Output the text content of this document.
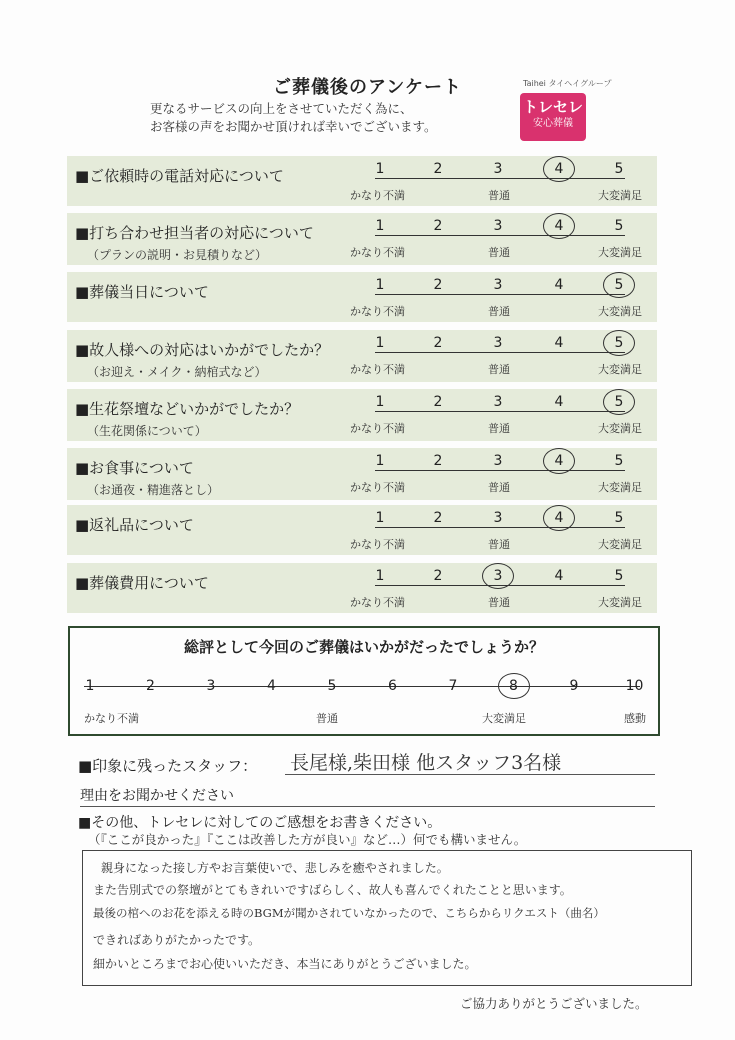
ご葬儀後のアンケート
更なるサービスの向上をさせていただく為に、
お客様の声をお聞かせ頂ければ幸いでございます。
Taihei タイヘイグループ
トレセレ
安心葬儀
■ご依頼時の電話対応について	1	2	3	4	5
かなり不満	普通	大変満足
■打ち合わせ担当者の対応について
（プランの説明・お見積りなど）
1	2	3	4	5
かなり不満	普通	大変満足
■葬儀当日について	1	2	3	4	5
かなり不満	普通	大変満足
■故人様への対応はいかがでしたか？
（お迎え・メイク・納棺式など）
1	2	3	4	5
かなり不満	普通	大変満足
■生花祭壇などいかがでしたか？
（生花関係について）
1	2	3	4	5
かなり不満	普通	大変満足
■お食事について
（お通夜・精進落とし）
1	2	3	4	5
かなり不満	普通	大変満足
■返礼品について	1	2	3	4	5
かなり不満	普通	大変満足
■葬儀費用について	1	2	3	4	5
かなり不満	普通	大変満足
総評として今回のご葬儀はいかがだったでしょうか？
かなり不満	普通	大変満足	感動
1	2	3	4	5	6	7	8	9	10
■印象に残ったスタッフ： 長尾様,柴田様 他スタッフ3名様
理由をお聞かせください
■その他、トレセレに対してのご感想をお書きください。
（『ここが良かった』『ここは改善した方が良い』など…）何でも構いません。
親身になった接し方やお言葉使いで、悲しみを癒やされました。
また告別式での祭壇がとてもきれいですばらしく、故人も喜んでくれたことと思います。
最後の棺へのお花を添える時のBGMが聞かされていなかったので、こちらからリクエスト（曲名）
できればありがたかったです。
細かいところまでお心使いいただき、本当にありがとうございました。
ご協力ありがとうございました。
